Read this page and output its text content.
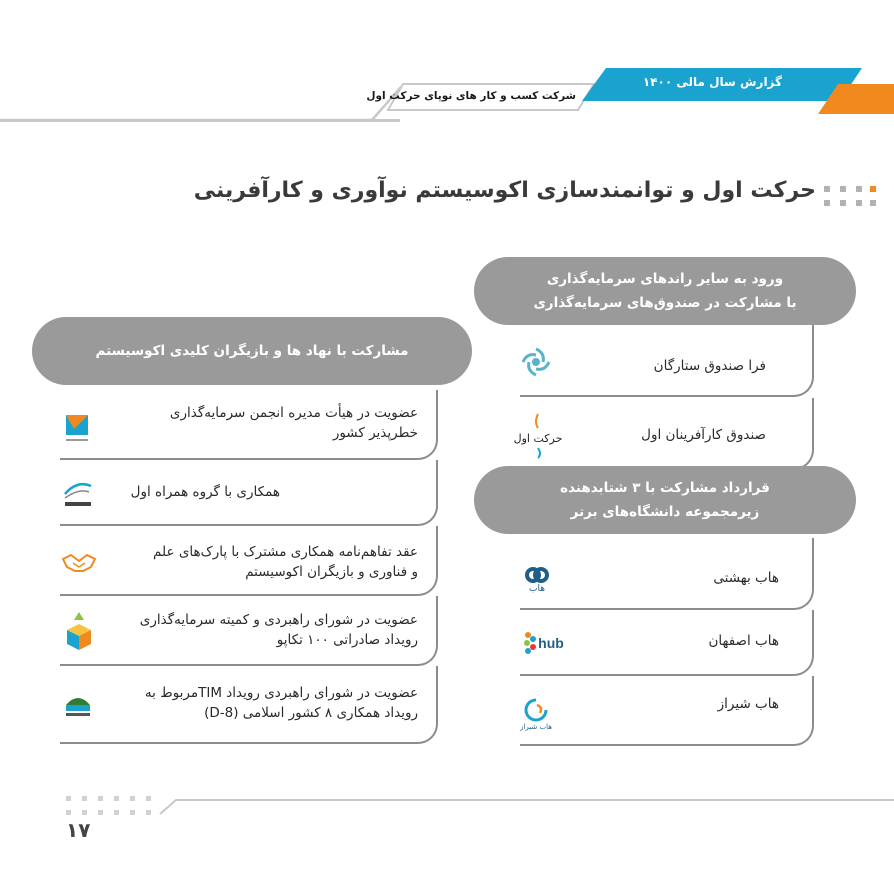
گزارش سال مالی ۱۴۰۰
شرکت کسب و کار های نوپای حرکت اول
حرکت اول و توانمندسازی اکوسیستم نوآوری و کارآفرینی
ورود به سایر راندهای سرمایه‌گذاری
با مشارکت در صندوق‌های سرمایه‌گذاری
فرا صندوق ستارگان
صندوق کارآفرینان اول
حرکت اول
قرارداد مشارکت با ۳ شتابدهنده
زیرمجموعه دانشگاه‌های برتر
هاب بهشتی
هاب
هاب اصفهان
hub
هاب شیراز
هاب شیراز
مشارکت با نهاد ها و بازیگران کلیدی اکوسیستم
عضویت در هیأت مدیره انجمن سرمایه‌گذاری
خطر‌پذیر کشور
همکاری با گروه همراه اول
عقد تفاهم‌نامه همکاری مشترک با پارک‌های علم
و فناوری و بازیگران اکوسیستم
عضویت در شورای راهبردی و کمیته سرمایه‌گذاری
رویداد صادراتی ۱۰۰ تکاپو
عضویت در شورای راهبردی رویداد TIMمربوط به
رویداد همکاری ۸ کشور اسلامی (D-8)
۱۷
